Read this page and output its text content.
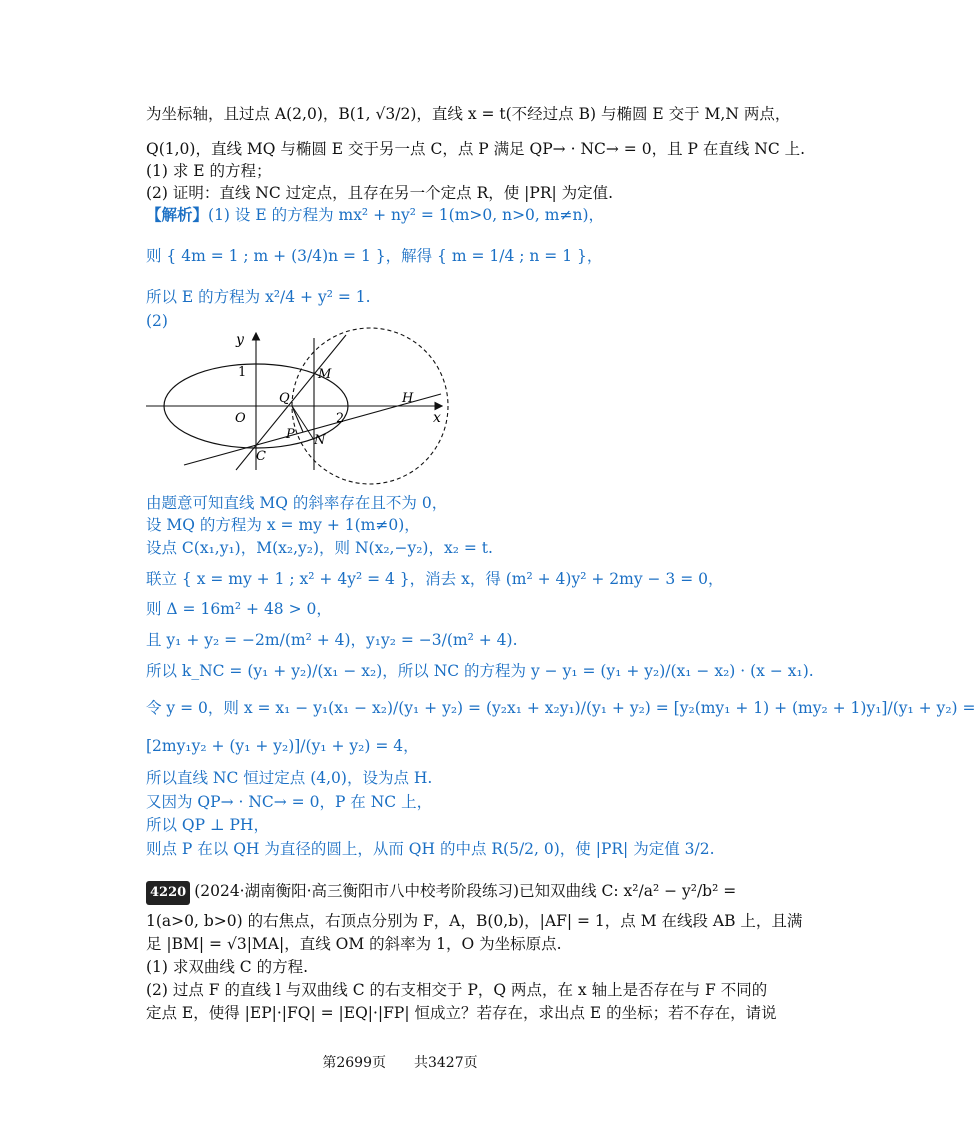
为坐标轴，且过点 A(2,0)，B(1, √3/2)，直线 x = t(不经过点 B) 与椭圆 E 交于 M,N 两点，
Q(1,0)，直线 MQ 与椭圆 E 交于另一点 C，点 P 满足 QP→ · NC→ = 0，且 P 在直线 NC 上.
(1) 求 E 的方程；
(2) 证明：直线 NC 过定点，且存在另一个定点 R，使 |PR| 为定值.
【解析】(1) 设 E 的方程为 mx² + ny² = 1(m>0, n>0, m≠n)，
则 { 4m = 1 ; m + (3/4)n = 1 }，解得 { m = 1/4 ; n = 1 }，
所以 E 的方程为 x²/4 + y² = 1.
(2)
y
x
1
O
Q
M
2
H
P N
C
由题意可知直线 MQ 的斜率存在且不为 0，
设 MQ 的方程为 x = my + 1(m≠0)，
设点 C(x₁,y₁)，M(x₂,y₂)，则 N(x₂,−y₂)，x₂ = t.
联立 { x = my + 1 ; x² + 4y² = 4 }，消去 x，得 (m² + 4)y² + 2my − 3 = 0，
则 Δ = 16m² + 48 > 0，
且 y₁ + y₂ = −2m/(m² + 4)，y₁y₂ = −3/(m² + 4).
所以 k_NC = (y₁ + y₂)/(x₁ − x₂)，所以 NC 的方程为 y − y₁ = (y₁ + y₂)/(x₁ − x₂) · (x − x₁).
令 y = 0，则 x = x₁ − y₁(x₁ − x₂)/(y₁ + y₂) = (y₂x₁ + x₂y₁)/(y₁ + y₂) = [y₂(my₁ + 1) + (my₂ + 1)y₁]/(y₁ + y₂) =
[2my₁y₂ + (y₁ + y₂)]/(y₁ + y₂) = 4，
所以直线 NC 恒过定点 (4,0)，设为点 H.
又因为 QP→ · NC→ = 0，P 在 NC 上，
所以 QP ⊥ PH，
则点 P 在以 QH 为直径的圆上，从而 QH 的中点 R(5/2, 0)，使 |PR| 为定值 3/2.
4220 (2024·湖南衡阳·高三衡阳市八中校考阶段练习)已知双曲线 C: x²/a² − y²/b² =
1(a>0, b>0) 的右焦点，右顶点分别为 F，A，B(0,b)，|AF| = 1，点 M 在线段 AB 上，且满
足 |BM| = √3|MA|，直线 OM 的斜率为 1，O 为坐标原点.
(1) 求双曲线 C 的方程.
(2) 过点 F 的直线 l 与双曲线 C 的右支相交于 P，Q 两点，在 x 轴上是否存在与 F 不同的
定点 E，使得 |EP|·|FQ| = |EQ|·|FP| 恒成立？若存在，求出点 E 的坐标；若不存在，请说
第2699页　　共3427页
